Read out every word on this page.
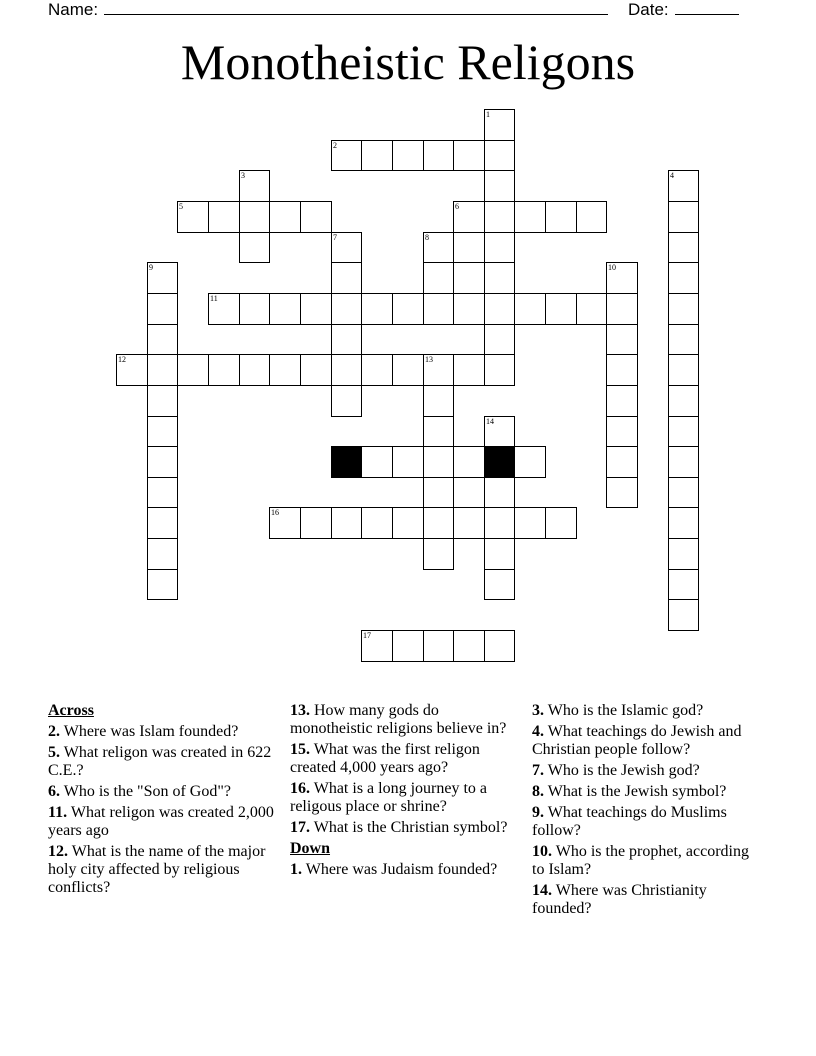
Name:	Date:
Monotheistic Religons
1
2
3	4
5	6
7	8
9	10
11
12	13
14
15
16
17
Across
2. Where was Islam founded?
5. What religon was created in 622 C.E.?
6. Who is the "Son of God"?
11. What religon was created 2,000 years ago
12. What is the name of the major holy city affected by religious conflicts?
13. How many gods do monotheistic religions believe in?
15. What was the first religon created 4,000 years ago?
16. What is a long journey to a religous place or shrine?
17. What is the Christian symbol?
Down
1. Where was Judaism founded?
3. Who is the Islamic god?
4. What teachings do Jewish and Christian people follow?
7. Who is the Jewish god?
8. What is the Jewish symbol?
9. What teachings do Muslims follow?
10. Who is the prophet, according to Islam?
14. Where was Christianity founded?
